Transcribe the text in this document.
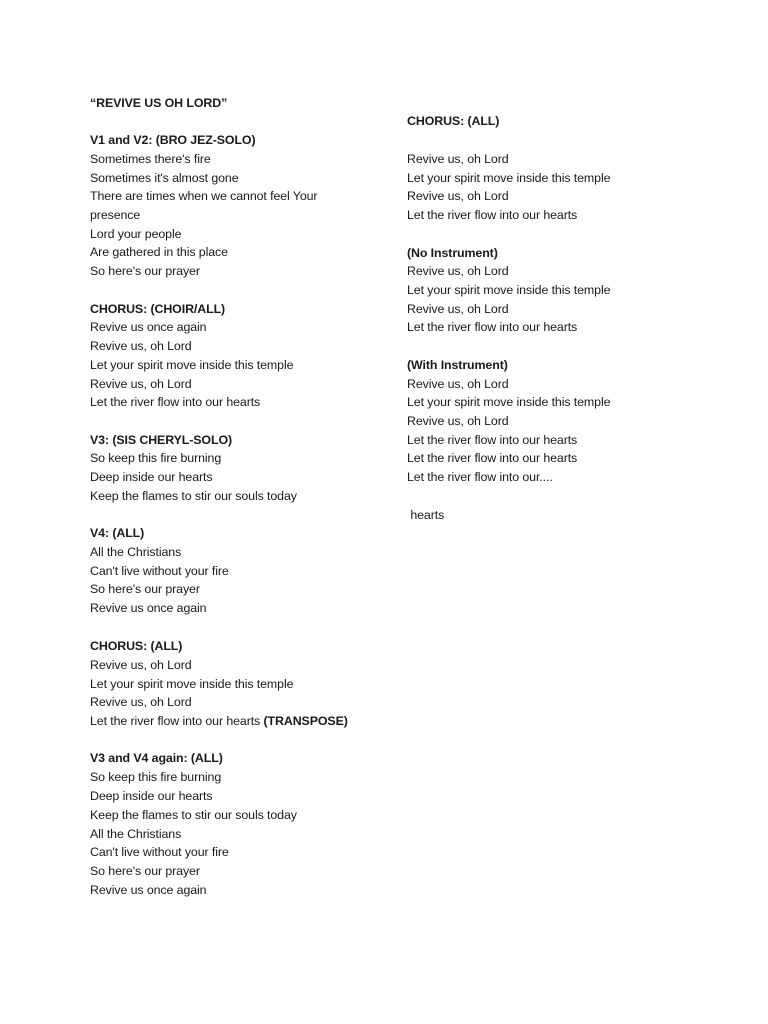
“REVIVE US OH LORD”
V1 and V2: (BRO JEZ-SOLO)
Sometimes there's fire
Sometimes it's almost gone
There are times when we cannot feel Your
presence
Lord your people
Are gathered in this place
So here's our prayer
CHORUS: (CHOIR/ALL)
Revive us once again
Revive us, oh Lord
Let your spirit move inside this temple
Revive us, oh Lord
Let the river flow into our hearts
V3: (SIS CHERYL-SOLO)
So keep this fire burning
Deep inside our hearts
Keep the flames to stir our souls today
V4: (ALL)
All the Christians
Can't live without your fire
So here's our prayer
Revive us once again
CHORUS: (ALL)
Revive us, oh Lord
Let your spirit move inside this temple
Revive us, oh Lord
Let the river flow into our hearts (TRANSPOSE)
V3 and V4 again: (ALL)
So keep this fire burning
Deep inside our hearts
Keep the flames to stir our souls today
All the Christians
Can't live without your fire
So here's our prayer
Revive us once again
CHORUS: (ALL)
Revive us, oh Lord
Let your spirit move inside this temple
Revive us, oh Lord
Let the river flow into our hearts
(No Instrument)
Revive us, oh Lord
Let your spirit move inside this temple
Revive us, oh Lord
Let the river flow into our hearts
(With Instrument)
Revive us, oh Lord
Let your spirit move inside this temple
Revive us, oh Lord
Let the river flow into our hearts
Let the river flow into our hearts
Let the river flow into our....
hearts
